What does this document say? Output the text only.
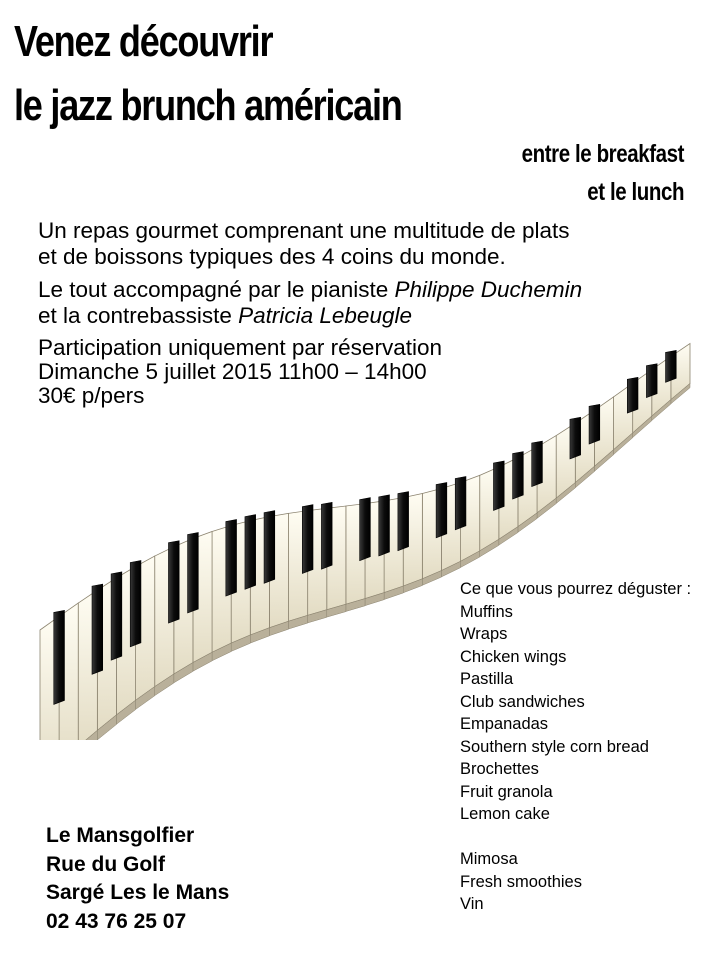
Venez découvrir
le jazz brunch américain
entre le breakfast
et le lunch

Un repas gourmet comprenant une multitude de plats
et de boissons typiques des 4 coins du monde.

Le tout accompagné par le pianiste Philippe Duchemin
et la contrebassiste Patricia Lebeugle

Participation uniquement par réservation
Dimanche 5 juillet 2015 11h00 – 14h00
30€ p/pers

Ce que vous pourrez déguster :
Muffins
Wraps
Chicken wings
Pastilla
Club sandwiches
Empanadas
Southern style corn bread
Brochettes
Fruit granola
Lemon cake
Mimosa
Fresh smoothies
Vin
Le Mansgolfier
Rue du Golf
Sargé Les le Mans
02 43 76 25 07
